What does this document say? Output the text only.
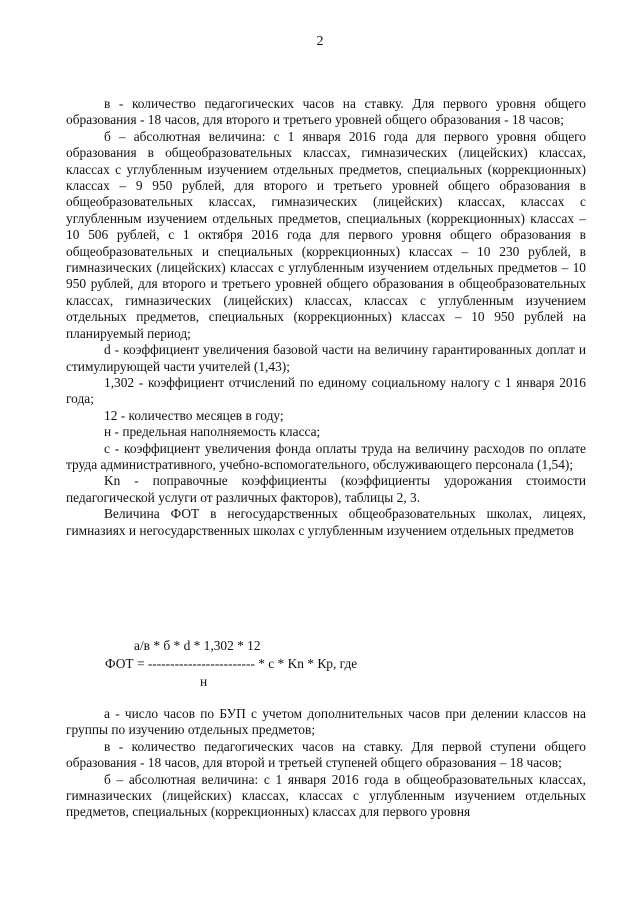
2

в - количество педагогических часов на ставку. Для первого уровня общего образования - 18 часов, для второго и третьего уровней общего образования - 18 часов;

б – абсолютная величина: с 1 января 2016 года для первого уровня общего образования в общеобразовательных классах, гимназических (лицейских) классах, классах с углубленным изучением отдельных предметов, специальных (коррекционных) классах – 9 950 рублей, для второго и третьего уровней общего образования в общеобразовательных классах, гимназических (лицейских) классах, классах с углубленным изучением отдельных предметов, специальных (коррекционных) классах – 10 506 рублей, с 1 октября 2016 года для первого уровня общего образования в общеобразовательных и специальных (коррекционных) классах – 10 230 рублей, в гимназических (лицейских) классах с углубленным изучением отдельных предметов – 10 950 рублей, для второго и третьего уровней общего образования в общеобразовательных классах, гимназических (лицейских) классах, классах с углубленным изучением отдельных предметов, специальных (коррекционных) классах – 10 950 рублей на планируемый период;

d - коэффициент увеличения базовой части на величину гарантированных доплат и стимулирующей части учителей (1,43);

1,302 - коэффициент отчислений по единому социальному налогу с 1 января 2016 года;

12 - количество месяцев в году;

н - предельная наполняемость класса;

с - коэффициент увеличения фонда оплаты труда на величину расходов по оплате труда административного, учебно-вспомогательного, обслуживающего персонала (1,54);

Kn - поправочные коэффициенты (коэффициенты удорожания стоимости педагогической услуги от различных факторов), таблицы 2, 3.

Величина ФОТ в негосударственных общеобразовательных школах, лицеях, гимназиях и негосударственных школах с углубленным изучением отдельных предметов

а/в * б * d * 1,302 * 12

ФОТ = ------------------------ * с * Kn * Кр, где

н

а - число часов по БУП с учетом дополнительных часов при делении классов на группы по изучению отдельных предметов;

в - количество педагогических часов на ставку. Для первой ступени общего образования - 18 часов, для второй и третьей ступеней общего образования – 18 часов;

б – абсолютная величина: с 1 января 2016 года в общеобразовательных классах, гимназических (лицейских) классах, классах с углубленным изучением отдельных предметов, специальных (коррекционных) классах для первого уровня
